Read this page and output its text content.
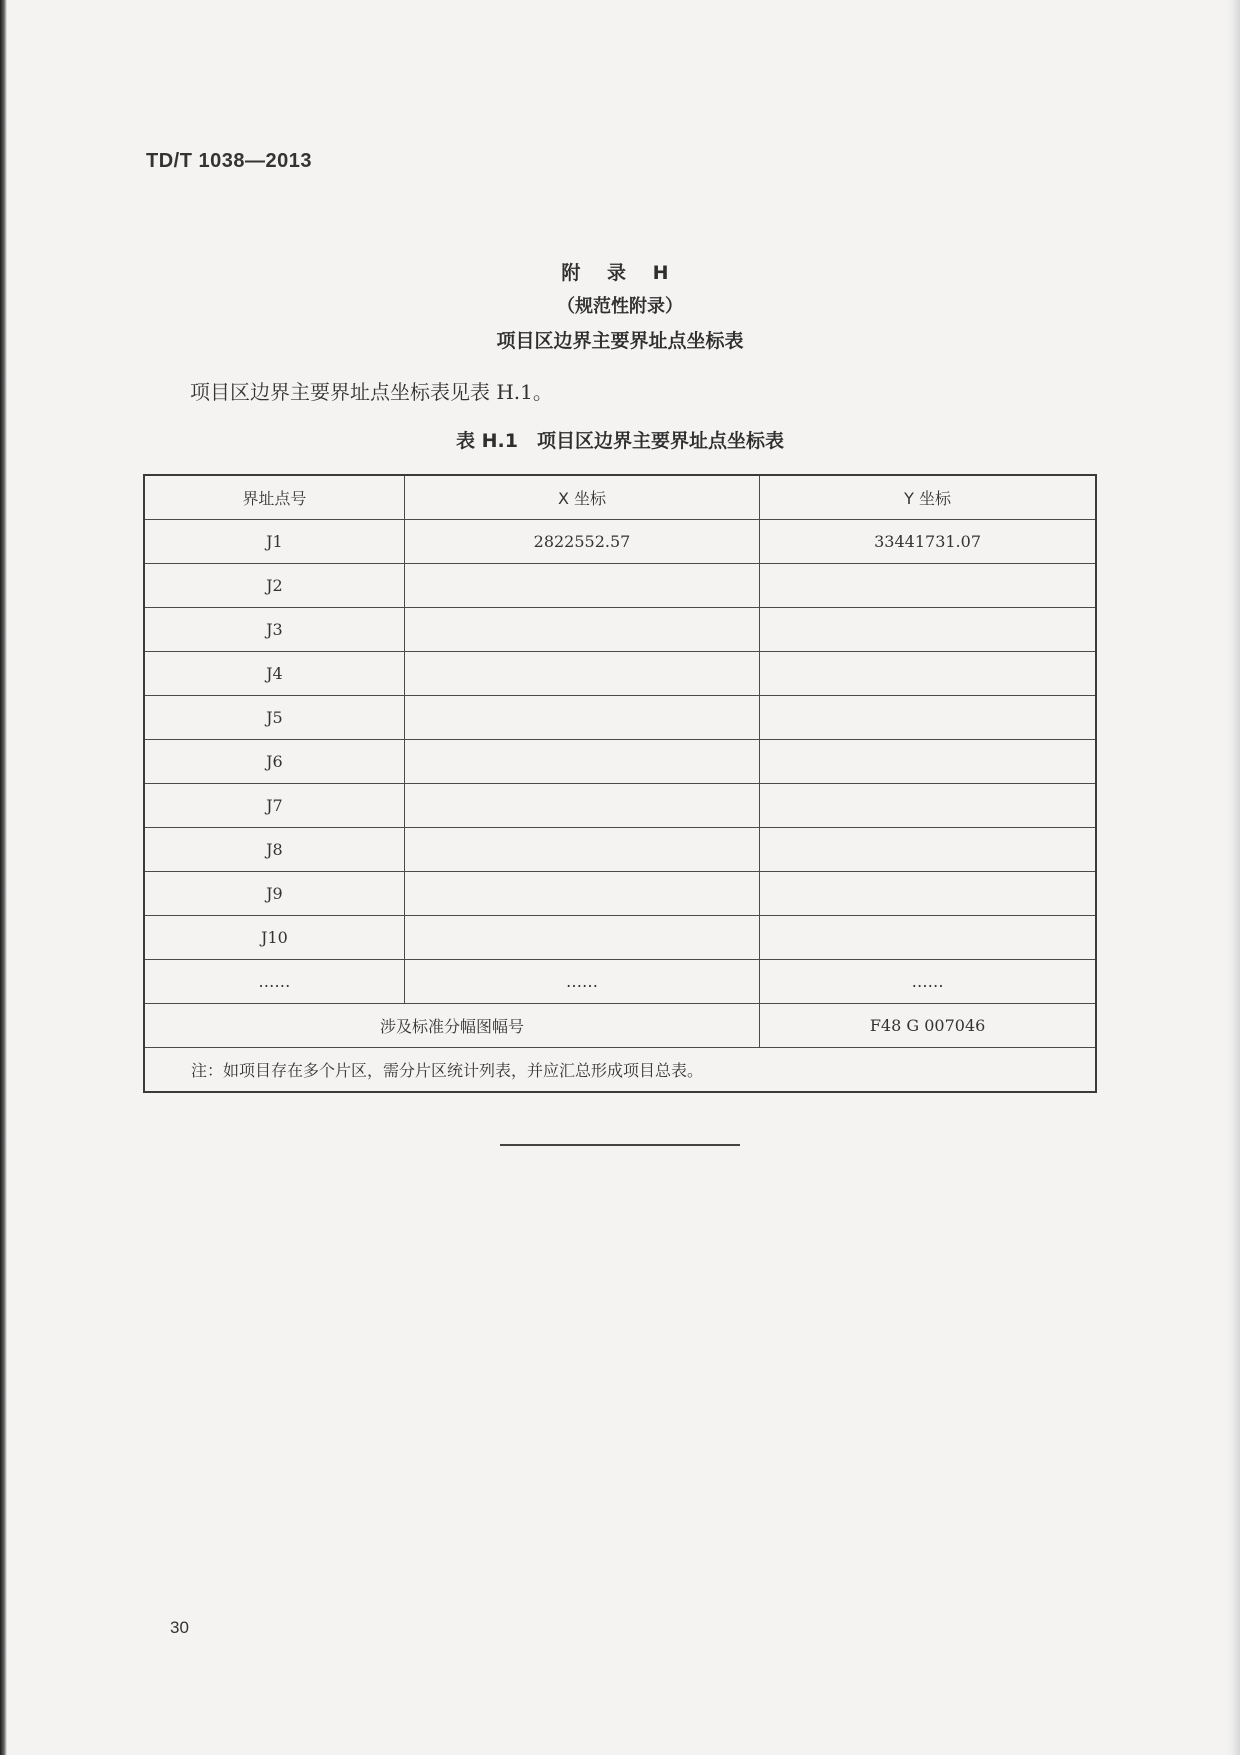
TD/T 1038—2013
附 录 H
（规范性附录）
项目区边界主要界址点坐标表
项目区边界主要界址点坐标表见表 H.1。
表 H.1　项目区边界主要界址点坐标表
界址点号	X 坐标	Y 坐标
J1	2822552.57	33441731.07
J2		
J3		
J4		
J5		
J6		
J7		
J8		
J9		
J10		
……	……	……
涉及标准分幅图幅号		F48 G 007046
注：如项目存在多个片区，需分片区统计列表，并应汇总形成项目总表。		
30
